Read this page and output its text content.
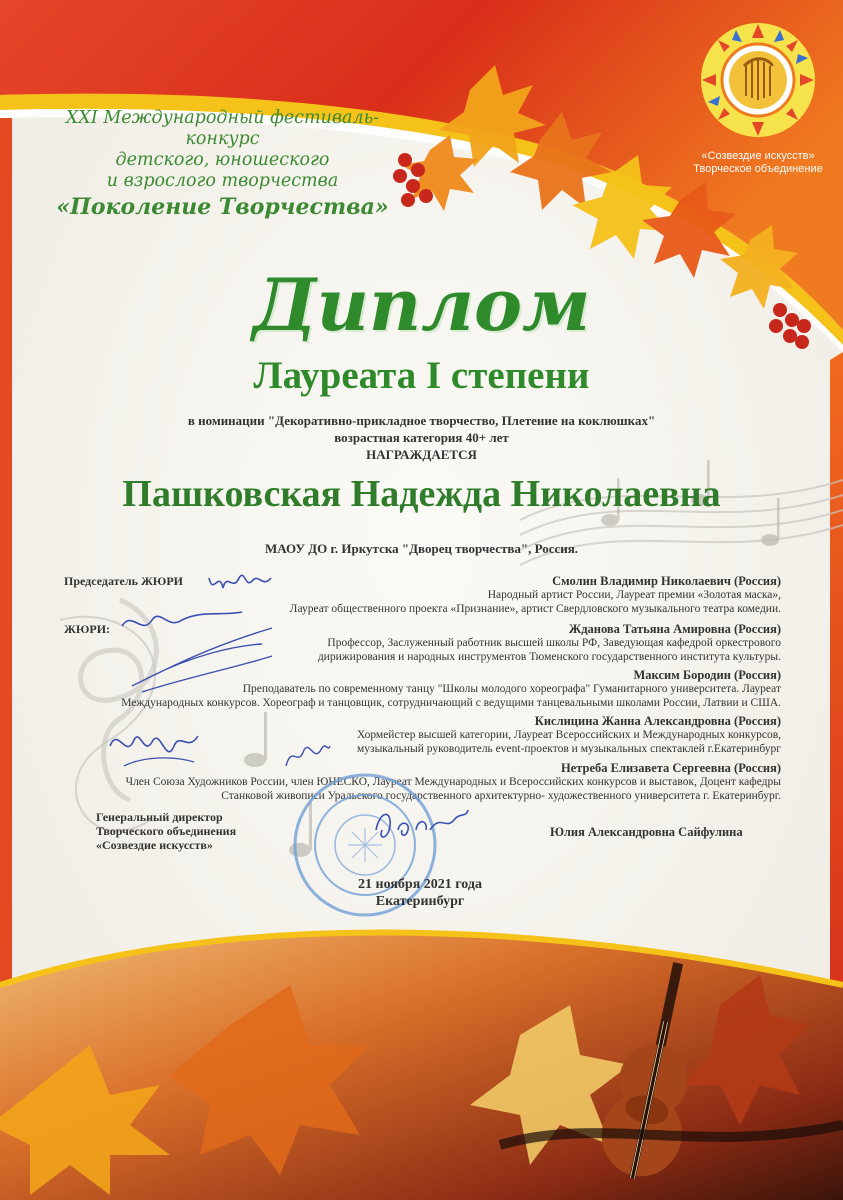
«Созвездие искусств»
Творческое объединение
XXI Международный фестиваль-конкурс
детского, юношеского
и взрослого творчества
«Поколение Творчества»
Диплом
Лауреата I степени
в номинации "Декоративно-прикладное творчество, Плетение на коклюшках"
возрастная категория 40+ лет
НАГРАЖДАЕТСЯ
Пашковская Надежда Николаевна
МАОУ ДО г. Иркутска "Дворец творчества", Россия.
Председатель ЖЮРИ
ЖЮРИ:
Смолин Владимир Николаевич (Россия)
Народный артист России, Лауреат премии «Золотая маска»,
Лауреат общественного проекта «Признание», артист Свердловского музыкального театра комедии.
Жданова Татьяна Амировна (Россия)
Профессор, Заслуженный работник высшей школы РФ, Заведующая кафедрой оркестрового
дирижирования и народных инструментов Тюменского государственного института культуры.
Максим Бородин (Россия)
Преподаватель по современному танцу "Школы молодого хореографа" Гуманитарного университета. Лауреат
Международных конкурсов. Хореограф и танцовщик, сотрудничающий с ведущими танцевальными школами России, Латвии и США.
Кислицина Жанна Александровна (Россия)
Хормейстер высшей категории, Лауреат Всероссийских и Международных конкурсов,
музыкальный руководитель event-проектов и музыкальных спектаклей г.Екатеринбург
Нетреба Елизавета Сергеевна (Россия)
Член Союза Художников России, член ЮНЕСКО, Лауреат Международных и Всероссийских конкурсов и выставок, Доцент кафедры
Станковой живописи Уральского государственного архитектурно- художественного университета г. Екатеринбург.
Генеральный директор
Творческого объединения
«Созвездие искусств»
Юлия Александровна Сайфулина
21 ноября 2021 года
Екатеринбург
